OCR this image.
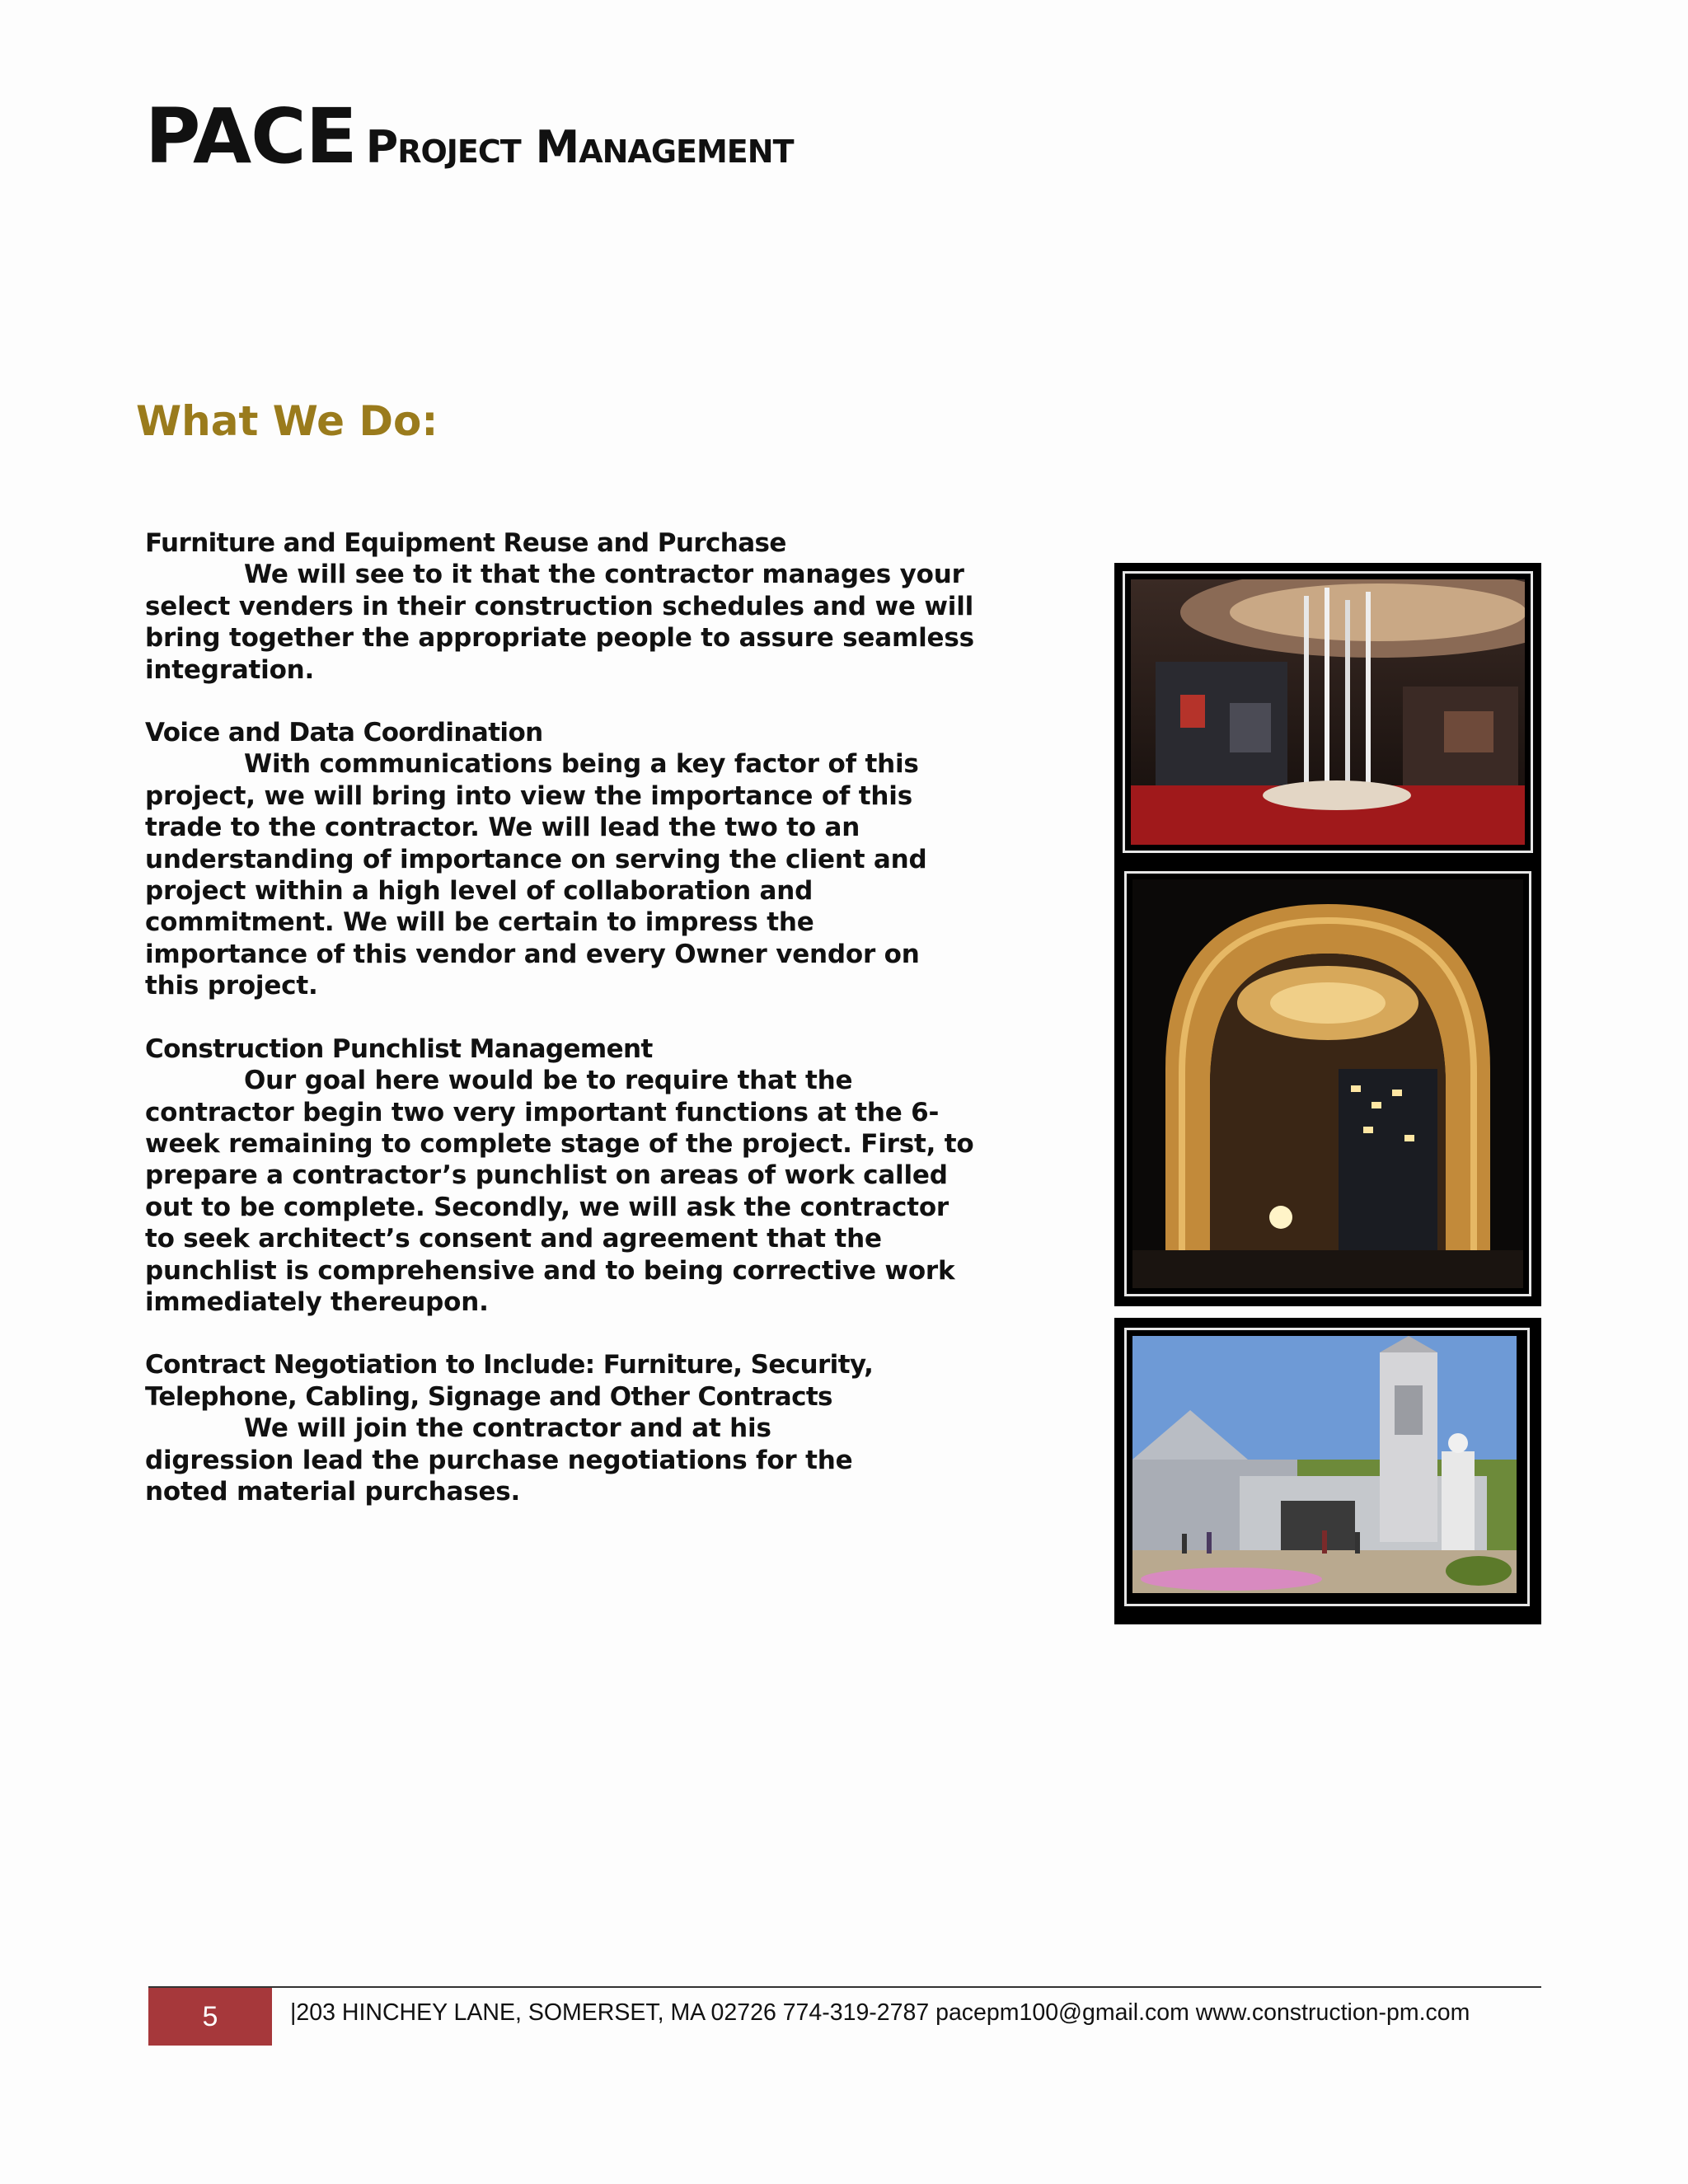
PACE Project Management
What We Do:
Furniture and Equipment Reuse and Purchase

We will see to it that the contractor manages your select venders in their construction schedules and we will bring together the appropriate people to assure seamless integration.

Voice and Data Coordination

With communications being a key factor of this project, we will bring into view the importance of this trade to the contractor. We will lead the two to an understanding of importance on serving the client and project within a high level of collaboration and commitment. We will be certain to impress the importance of this vendor and every Owner vendor on this project.

Construction Punchlist Management

Our goal here would be to require that the contractor begin two very important functions at the 6-week remaining to complete stage of the project. First, to prepare a contractor’s punchlist on areas of work called out to be complete. Secondly, we will ask the contractor to seek architect’s consent and agreement that the punchlist is comprehensive and to being corrective work immediately thereupon.

Contract Negotiation to Include: Furniture, Security, Telephone, Cabling, Signage and Other Contracts

We will join the contractor and at his digression lead the purchase negotiations for the noted material purchases.

5	|203 HINCHEY LANE, SOMERSET, MA 02726 774-319-2787 pacepm100@gmail.com www.construction-pm.com
